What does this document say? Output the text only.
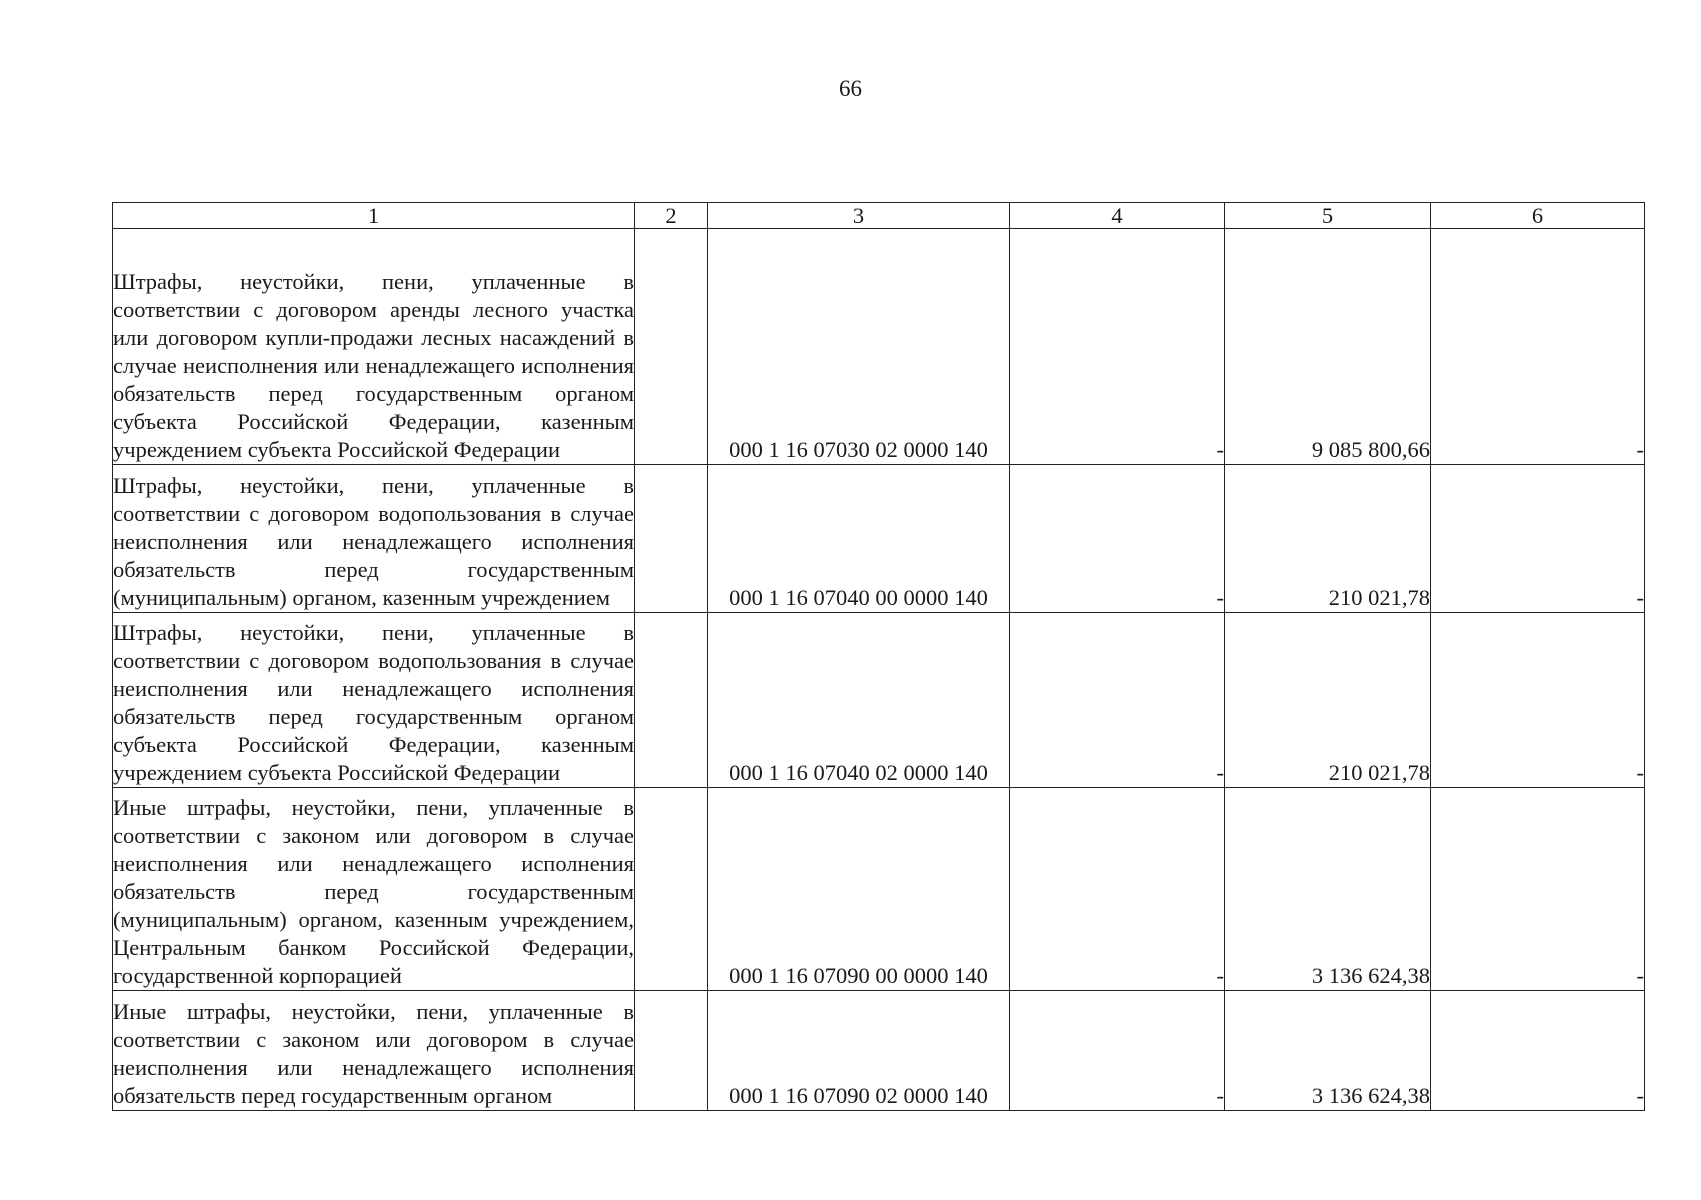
66
1	2	3	4	5	6
Штрафы, неустойки, пени, уплаченные в соответствии с договором аренды лесного участка или договором купли-продажи лесных насаждений в случае неисполнения или ненадлежащего исполнения обязательств перед государственным органом субъекта Российской Федерации, казенным учреждением субъекта Российской Федерации		000 1 16 07030 02 0000 140	-	9 085 800,66	-
Штрафы, неустойки, пени, уплаченные в соответствии с договором водопользования в случае неисполнения или ненадлежащего исполнения обязательств перед государственным (муниципальным) органом, казенным учреждением		000 1 16 07040 00 0000 140	-	210 021,78	-
Штрафы, неустойки, пени, уплаченные в соответствии с договором водопользования в случае неисполнения или ненадлежащего исполнения обязательств перед государственным органом субъекта Российской Федерации, казенным учреждением субъекта Российской Федерации		000 1 16 07040 02 0000 140	-	210 021,78	-
Иные штрафы, неустойки, пени, уплаченные в соответствии с законом или договором в случае неисполнения или ненадлежащего исполнения обязательств перед государственным (муниципальным) органом, казенным учреждением, Центральным банком Российской Федерации, государственной корпорацией		000 1 16 07090 00 0000 140	-	3 136 624,38	-
Иные штрафы, неустойки, пени, уплаченные в соответствии с законом или договором в случае неисполнения или ненадлежащего исполнения обязательств перед государственным органом		000 1 16 07090 02 0000 140	-	3 136 624,38	-
